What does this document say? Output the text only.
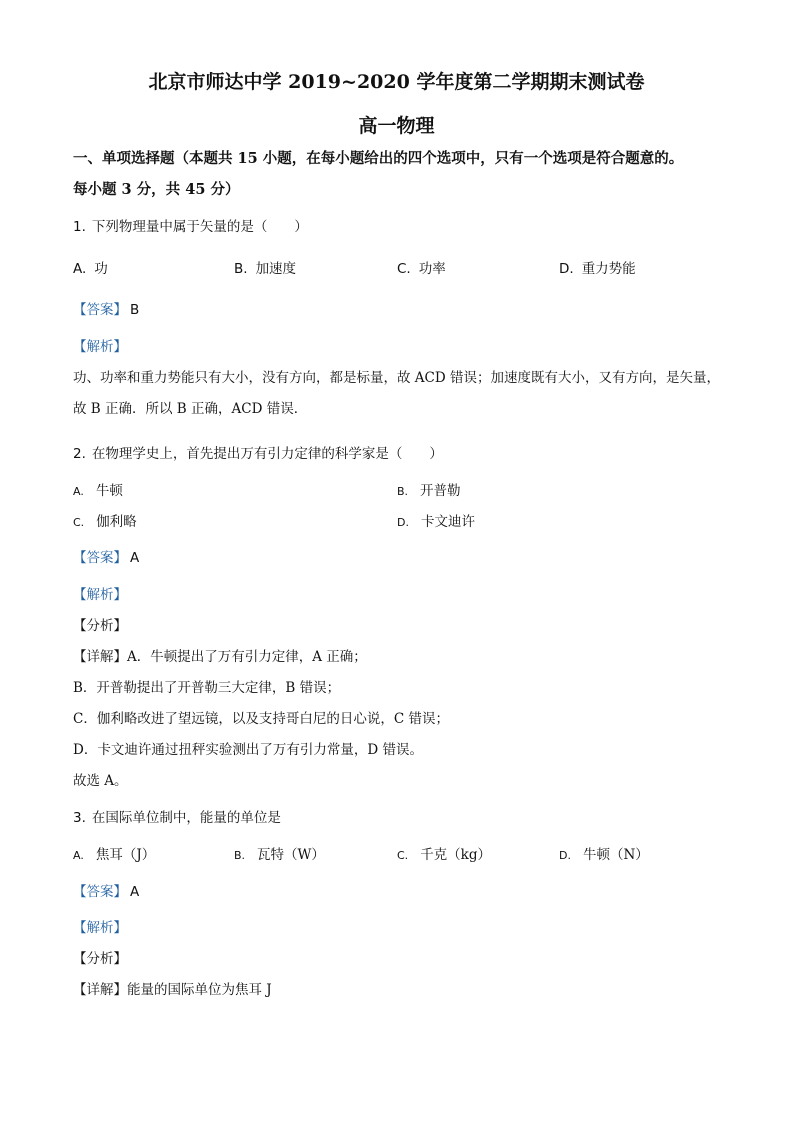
北京市师达中学 2019~2020 学年度第二学期期末测试卷
高一物理
一、单项选择题（本题共 15 小题，在每小题给出的四个选项中，只有一个选项是符合题意的。
每小题 3 分，共 45 分）
1. 下列物理量中属于矢量的是（　　）
A. 功	B. 加速度	C. 功率	D. 重力势能
【答案】 B
【解析】
功、功率和重力势能只有大小，没有方向，都是标量，故 ACD 错误；加速度既有大小，又有方向，是矢量，
故 B 正确．所以 B 正确，ACD 错误．
2. 在物理学史上，首先提出万有引力定律的科学家是（　　）
A. 牛顿	B. 开普勒
C. 伽利略	D. 卡文迪许
【答案】 A
【解析】
【分析】
【详解】A．牛顿提出了万有引力定律，A 正确；
B．开普勒提出了开普勒三大定律，B 错误；
C．伽利略改进了望远镜，以及支持哥白尼的日心说，C 错误；
D．卡文迪许通过扭秤实验测出了万有引力常量，D 错误。
故选 A。
3. 在国际单位制中，能量的单位是
A. 焦耳（J）	B. 瓦特（W）	C. 千克（kg）	D. 牛顿（N）
【答案】 A
【解析】
【分析】
【详解】能量的国际单位为焦耳 J
